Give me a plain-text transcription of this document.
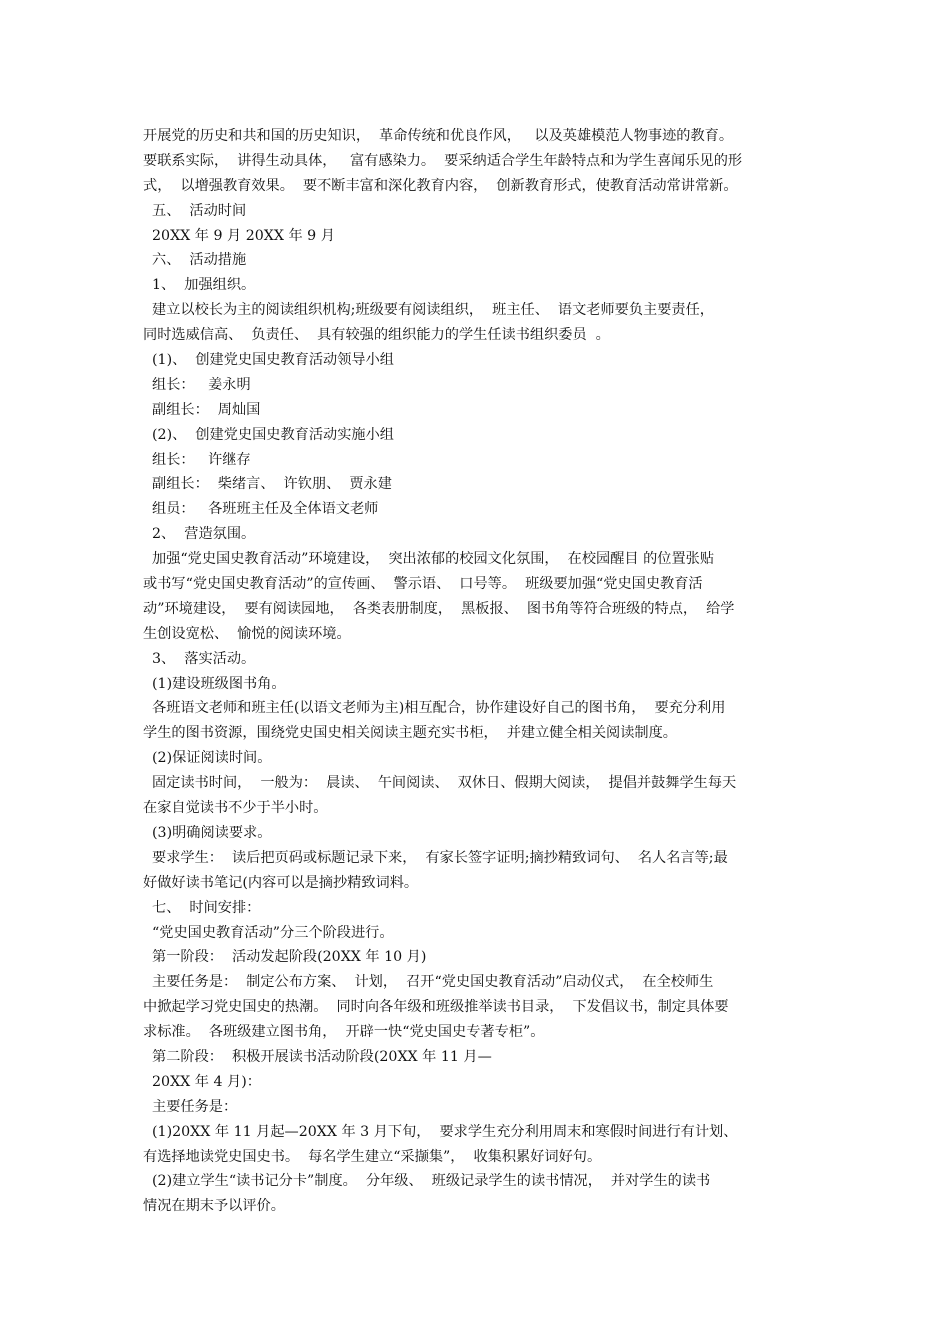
开展党的历史和共和国的历史知识，  革命传统和优良作风，   以及英雄模范人物事迹的教育。
要联系实际，  讲得生动具体，   富有感染力。  要采纳适合学生年龄特点和为学生喜闻乐见的形
式，  以增强教育效果。  要不断丰富和深化教育内容，  创新教育形式，使教育活动常讲常新。
五、  活动时间
20XX 年 9 月 20XX 年 9 月
六、  活动措施
1、  加强组织。
建立以校长为主的阅读组织机构;班级要有阅读组织，  班主任、  语文老师要负主要责任，
同时选威信高、  负责任、  具有较强的组织能力的学生任读书组织委员  。
(1)、  创建党史国史教育活动领导小组
组长：   姜永明
副组长：  周灿国
(2)、  创建党史国史教育活动实施小组
组长：   许继存
副组长：  柴绪言、  许钦朋、  贾永建
组员：   各班班主任及全体语文老师
2、  营造氛围。
加强“党史国史教育活动”环境建设，  突出浓郁的校园文化氛围，  在校园醒目 的位置张贴
或书写“党史国史教育活动”的宣传画、  警示语、  口号等。  班级要加强“党史国史教育活
动”环境建设，  要有阅读园地，  各类表册制度，  黑板报、  图书角等符合班级的特点，  给学
生创设宽松、  愉悦的阅读环境。
3、  落实活动。
(1)建设班级图书角。
各班语文老师和班主任(以语文老师为主)相互配合，协作建设好自己的图书角，  要充分利用
学生的图书资源，围绕党史国史相关阅读主题充实书柜，  并建立健全相关阅读制度。
(2)保证阅读时间。
固定读书时间，  一般为：  晨读、  午间阅读、  双休日、假期大阅读，  提倡并鼓舞学生每天
在家自觉读书不少于半小时。
(3)明确阅读要求。
要求学生：  读后把页码或标题记录下来，  有家长签字证明;摘抄精致词句、  名人名言等;最
好做好读书笔记(内容可以是摘抄精致词料。
七、  时间安排：
“党史国史教育活动”分三个阶段进行。
第一阶段：  活动发起阶段(20XX 年 10 月)
主要任务是：  制定公布方案、  计划，  召开“党史国史教育活动”启动仪式，  在全校师生
中掀起学习党史国史的热潮。  同时向各年级和班级推举读书目录，  下发倡议书，制定具体要
求标准。  各班级建立图书角，  开辟一快“党史国史专著专柜”。
第二阶段：  积极开展读书活动阶段(20XX 年 11 月—
20XX 年 4 月)：
主要任务是：
(1)20XX 年 11 月起—20XX 年 3 月下旬，  要求学生充分利用周末和寒假时间进行有计划、
有选择地读党史国史书。  每名学生建立“采撷集”，  收集积累好词好句。
(2)建立学生“读书记分卡”制度。  分年级、  班级记录学生的读书情况，  并对学生的读书
情况在期末予以评价。
